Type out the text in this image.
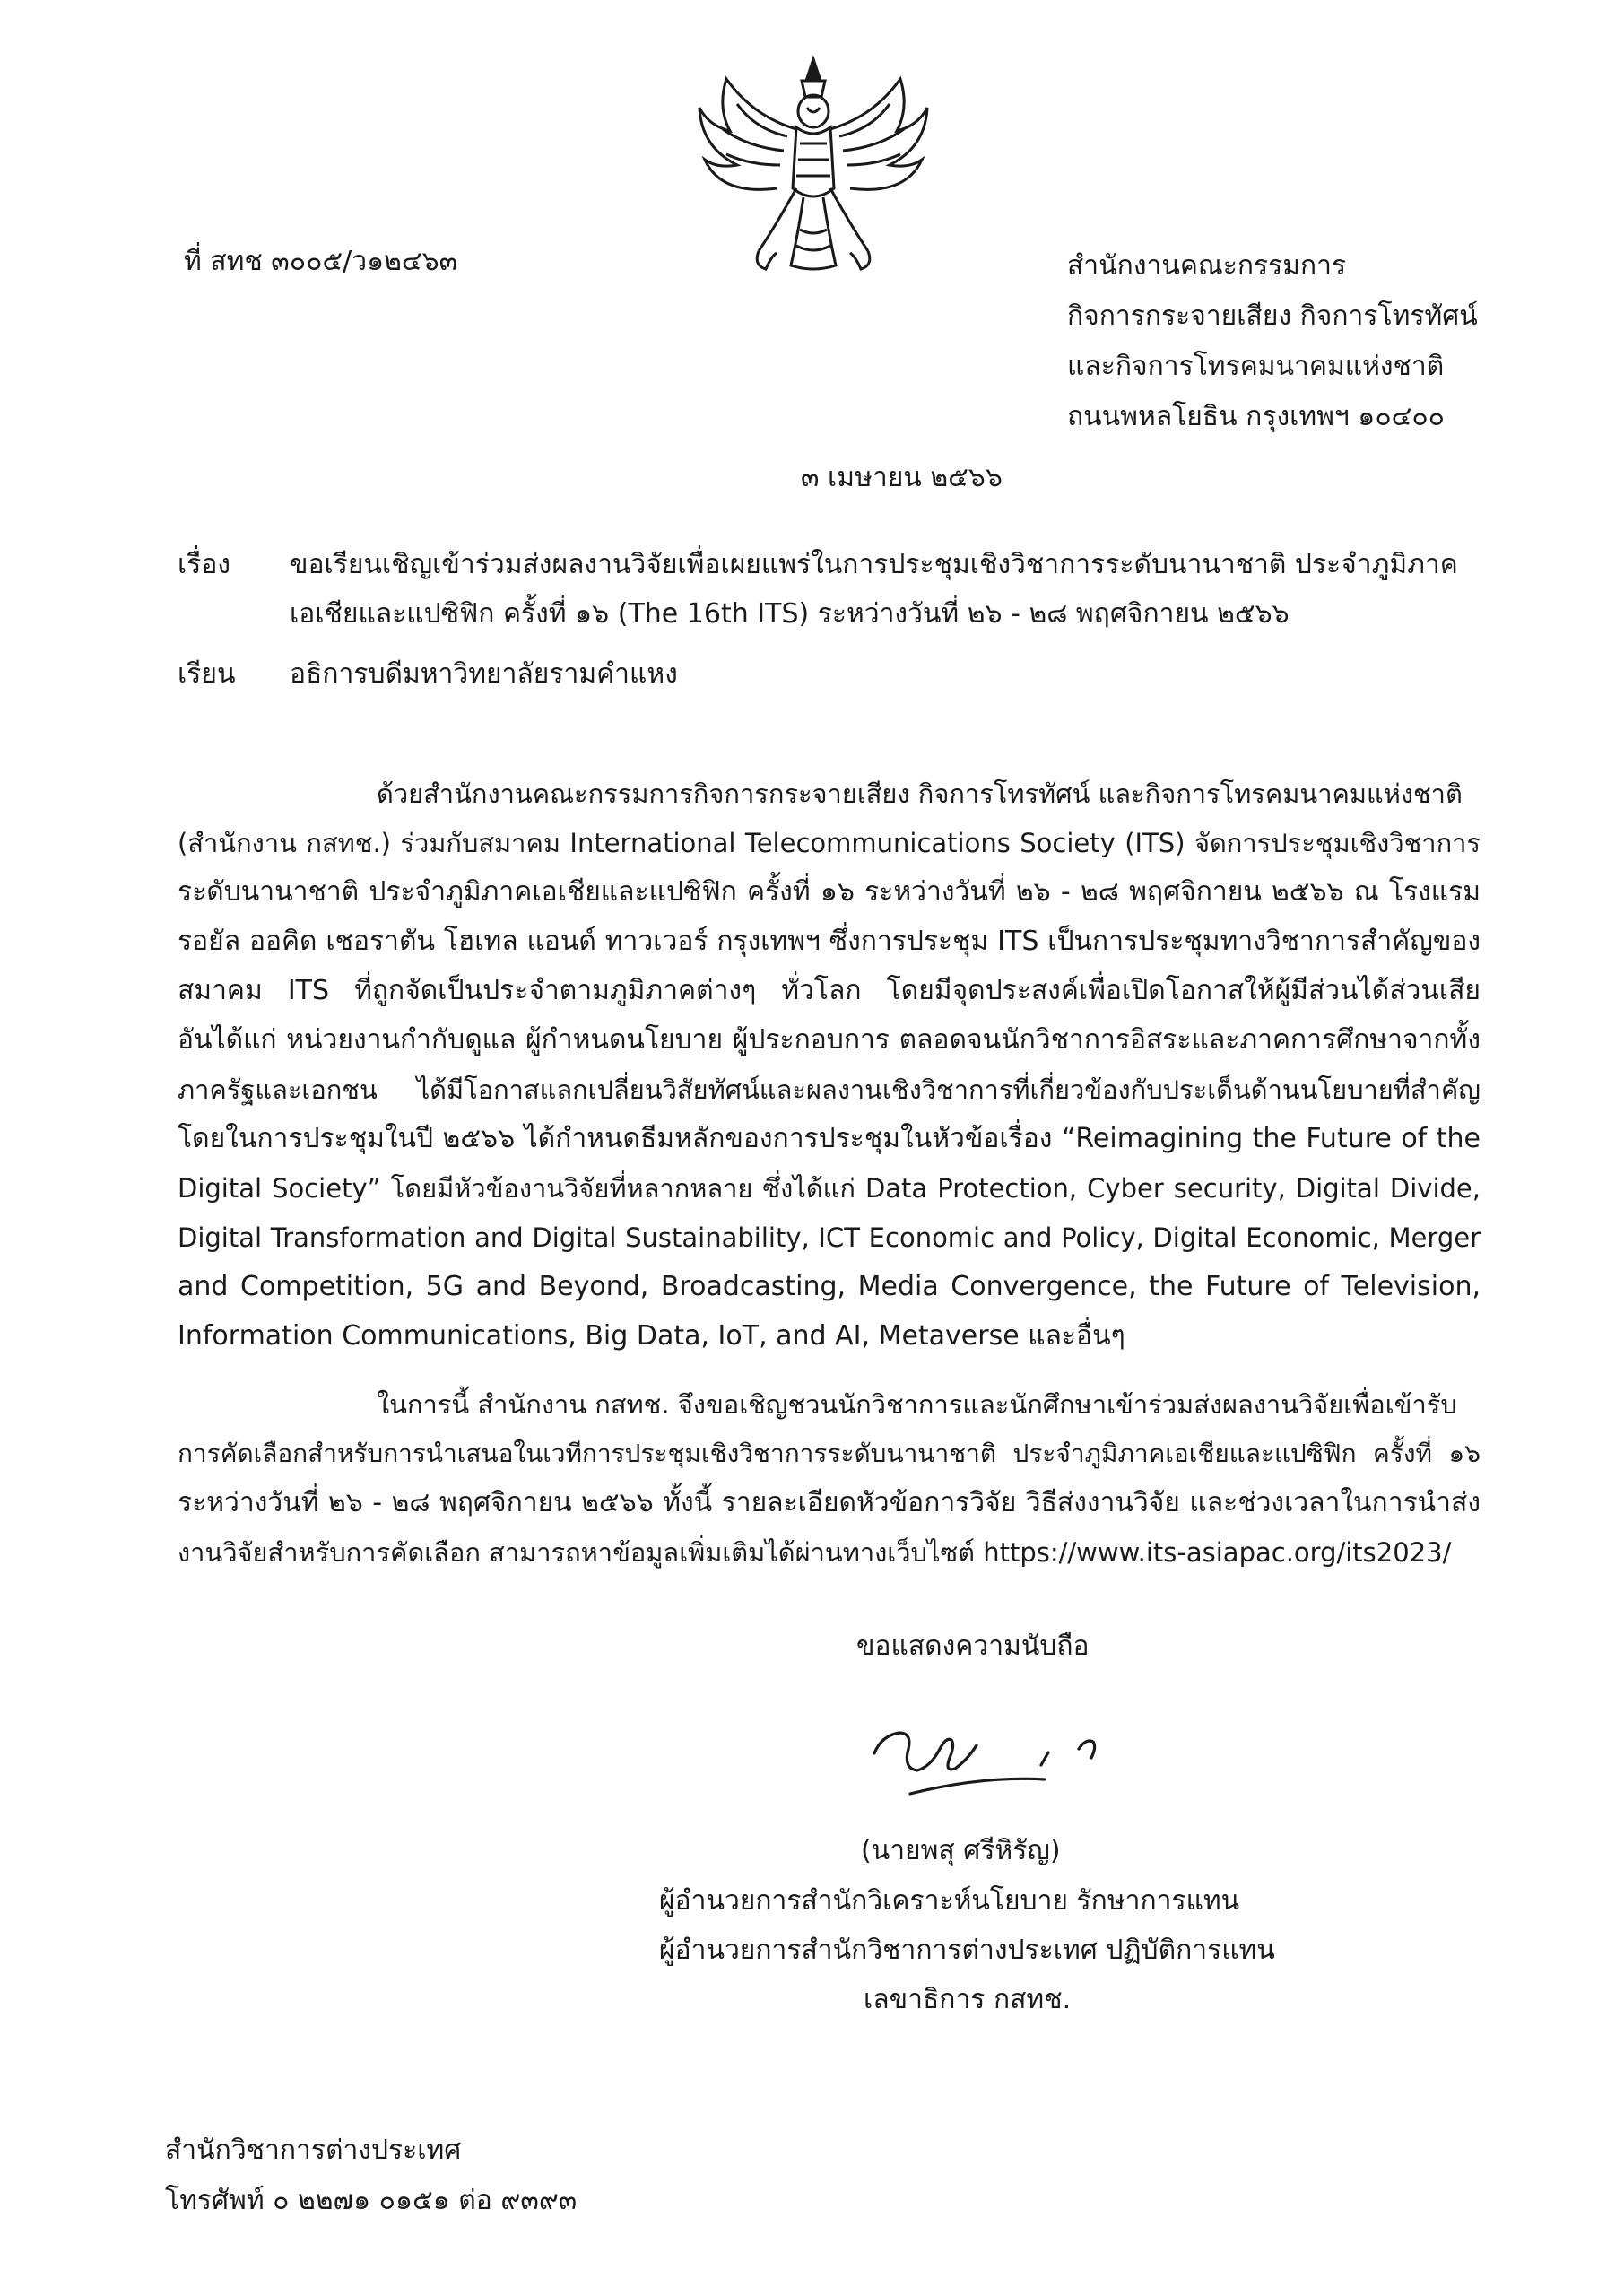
ที่ สทช ๓๐๐๕/ว๑๒๔๖๓	สำนักงานคณะกรรมการ
กิจการกระจายเสียง กิจการโทรทัศน์
และกิจการโทรคมนาคมแห่งชาติ
ถนนพหลโยธิน กรุงเทพฯ ๑๐๔๐๐
๓ เมษายน ๒๕๖๖
เรื่อง ขอเรียนเชิญเข้าร่วมส่งผลงานวิจัยเพื่อเผยแพร่ในการประชุมเชิงวิชาการระดับนานาชาติ ประจำภูมิภาค
เอเชียและแปซิฟิก ครั้งที่ ๑๖ (The 16th ITS) ระหว่างวันที่ ๒๖ - ๒๘ พฤศจิกายน ๒๕๖๖
เรียน อธิการบดีมหาวิทยาลัยรามคำแหง
ด้วยสำนักงานคณะกรรมการกิจการกระจายเสียง กิจการโทรทัศน์ และกิจการโทรคมนาคมแห่งชาติ
(สำนักงาน กสทช.) ร่วมกับสมาคม International Telecommunications Society (ITS) จัดการประชุมเชิงวิชาการ
ระดับนานาชาติ ประจำภูมิภาคเอเชียและแปซิฟิก ครั้งที่ ๑๖ ระหว่างวันที่ ๒๖ - ๒๘ พฤศจิกายน ๒๕๖๖ ณ โรงแรม
รอยัล ออคิด เชอราตัน โฮเทล แอนด์ ทาวเวอร์ กรุงเทพฯ ซึ่งการประชุม ITS เป็นการประชุมทางวิชาการสำคัญของ
สมาคม ITS ที่ถูกจัดเป็นประจำตามภูมิภาคต่างๆ ทั่วโลก โดยมีจุดประสงค์เพื่อเปิดโอกาสให้ผู้มีส่วนได้ส่วนเสีย
อันได้แก่ หน่วยงานกำกับดูแล ผู้กำหนดนโยบาย ผู้ประกอบการ ตลอดจนนักวิชาการอิสระและภาคการศึกษาจากทั้ง
ภาครัฐและเอกชน ได้มีโอกาสแลกเปลี่ยนวิสัยทัศน์และผลงานเชิงวิชาการที่เกี่ยวข้องกับประเด็นด้านนโยบายที่สำคัญ
โดยในการประชุมในปี ๒๕๖๖ ได้กำหนดธีมหลักของการประชุมในหัวข้อเรื่อง “Reimagining the Future of the
Digital Society” โดยมีหัวข้องานวิจัยที่หลากหลาย ซึ่งได้แก่ Data Protection, Cyber security, Digital Divide,
Digital Transformation and Digital Sustainability, ICT Economic and Policy, Digital Economic, Merger
and Competition, 5G and Beyond, Broadcasting, Media Convergence, the Future of Television,
Information Communications, Big Data, IoT, and AI, Metaverse และอื่นๆ
ในการนี้ สำนักงาน กสทช. จึงขอเชิญชวนนักวิชาการและนักศึกษาเข้าร่วมส่งผลงานวิจัยเพื่อเข้ารับ
การคัดเลือกสำหรับการนำเสนอในเวทีการประชุมเชิงวิชาการระดับนานาชาติ ประจำภูมิภาคเอเชียและแปซิฟิก ครั้งที่ ๑๖
ระหว่างวันที่ ๒๖ - ๒๘ พฤศจิกายน ๒๕๖๖ ทั้งนี้ รายละเอียดหัวข้อการวิจัย วิธีส่งงานวิจัย และช่วงเวลาในการนำส่ง
งานวิจัยสำหรับการคัดเลือก สามารถหาข้อมูลเพิ่มเติมได้ผ่านทางเว็บไซต์ https://www.its-asiapac.org/its2023/
ขอแสดงความนับถือ
(นายพสุ ศรีหิรัญ)
ผู้อำนวยการสำนักวิเคราะห์นโยบาย รักษาการแทน
ผู้อำนวยการสำนักวิชาการต่างประเทศ ปฏิบัติการแทน
เลขาธิการ กสทช.
สำนักวิชาการต่างประเทศ
โทรศัพท์ ๐ ๒๒๗๑ ๐๑๕๑ ต่อ ๙๓๙๓
